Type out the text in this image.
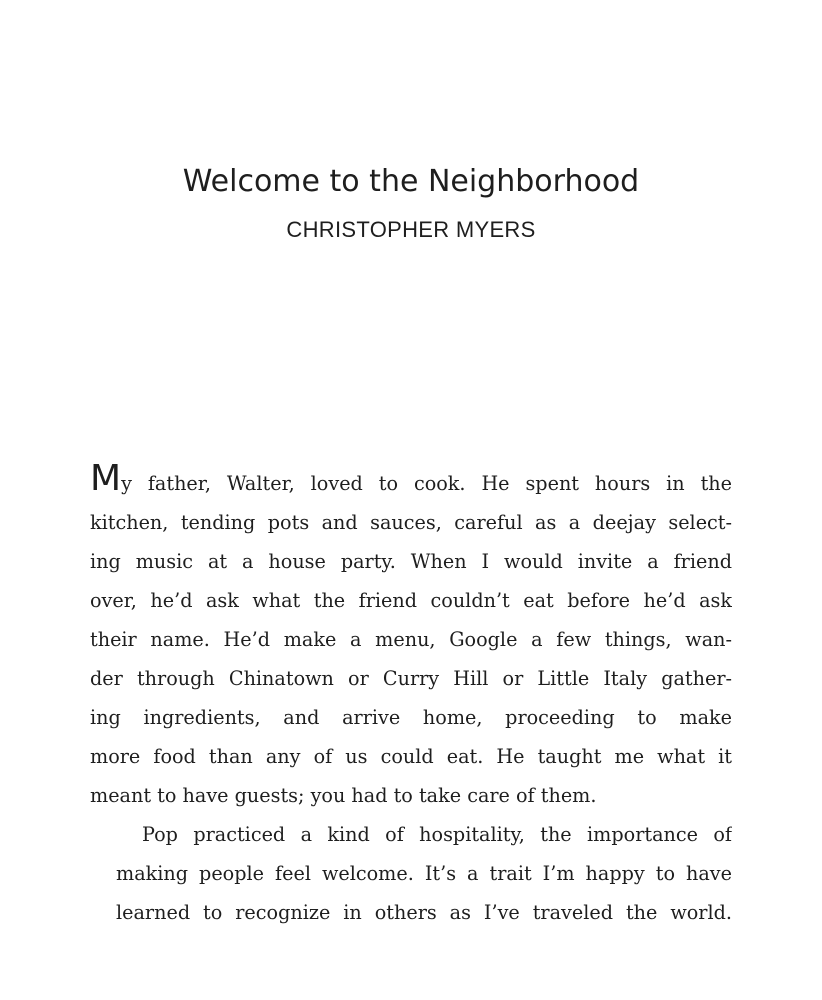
Welcome to the Neighborhood
CHRISTOPHER MYERS

My father, Walter, loved to cook. He spent hours in the
kitchen, tending pots and sauces, careful as a deejay select-
ing music at a house party. When I would invite a friend
over, he’d ask what the friend couldn’t eat before he’d ask
their name. He’d make a menu, Google a few things, wan-
der through Chinatown or Curry Hill or Little Italy gather-
ing ingredients, and arrive home, proceeding to make
more food than any of us could eat. He taught me what it
meant to have guests; you had to take care of them.

Pop practiced a kind of hospitality, the importance of
making people feel welcome. It’s a trait I’m happy to have
learned to recognize in others as I’ve traveled the world.
